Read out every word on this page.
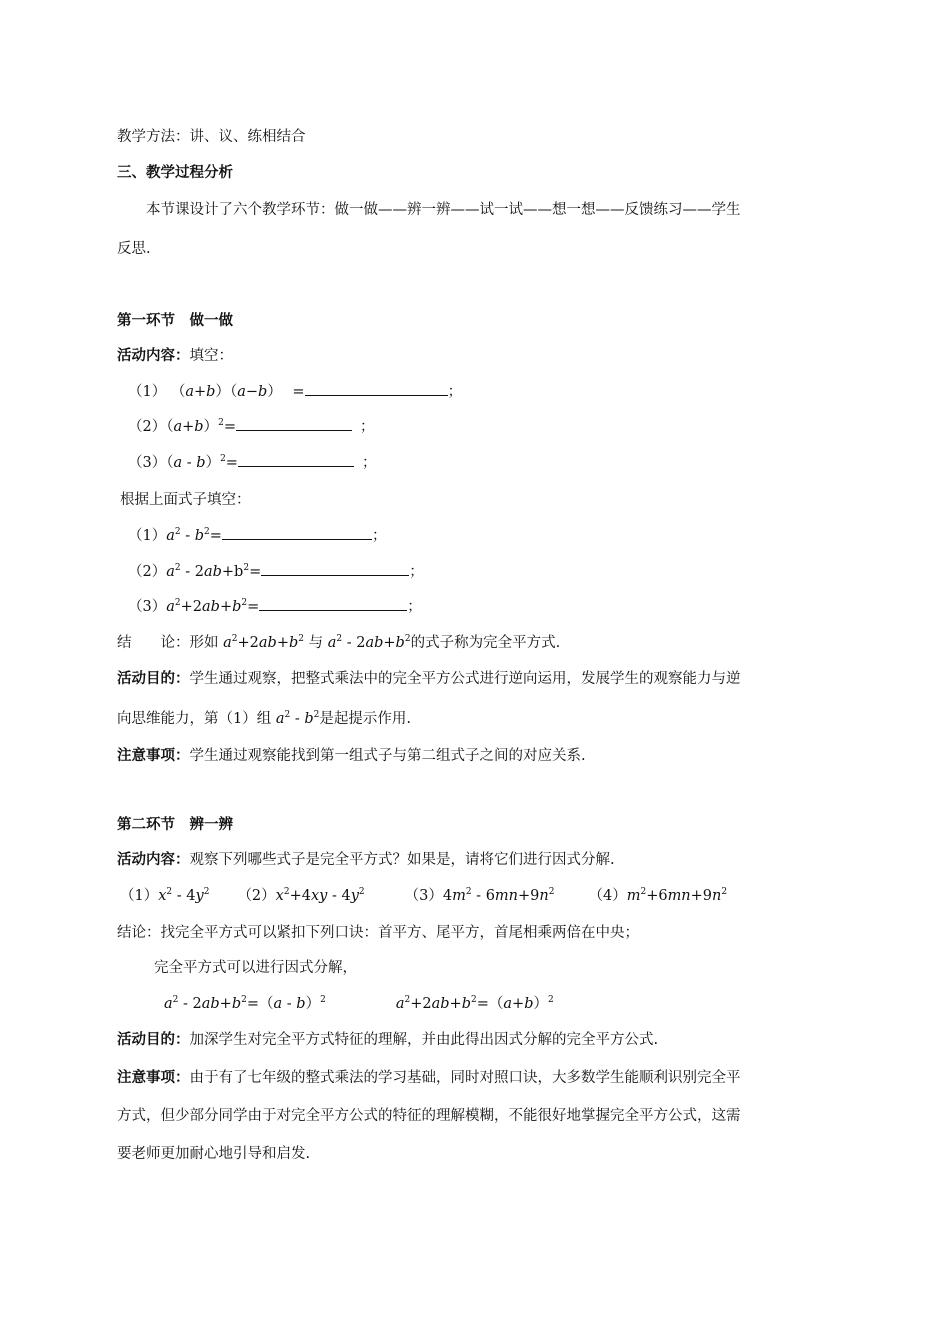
教学方法：讲、议、练相结合
三、教学过程分析
本节课设计了六个教学环节：做一做——辨一辨——试一试——想一想——反馈练习——学生
反思.
第一环节　做一做
活动内容：填空：
（1） （a+b）（a−b） =	；
$(2)(a+b)^2=$	；
（3）（a - b）$^2$=	；
根据上面式子填空：
$(1)a^2 - b^2=$	；
$(2)a^2 - 2ab+b^2=$	；
$(3)a^2+2ab+b^2=$	；
结　　论：形如 $a^2+2ab+b^2$ 与 $a^2 - 2ab+b^2$的式子称为完全平方式.
活动目的：学生通过观察，把整式乘法中的完全平方公式进行逆向运用，发展学生的观察能力与逆
向思维能力，第（1）组 $a^2 - b^2$是起提示作用.
注意事项：学生通过观察能找到第一组式子与第二组式子之间的对应关系.
第二环节　辨一辨
活动内容：观察下列哪些式子是完全平方式？如果是，请将它们进行因式分解.
$(1)x^2 - 4y^2$ $(2)x^2+4xy - 4y^2$	$(3)4m^2 - 6mn+9n^2$ $(4)m^2+6mn+9n^2$
结论：找完全平方式可以紧扣下列口诀：首平方、尾平方，首尾相乘两倍在中央；
完全平方式可以进行因式分解，
$a^2 - 2ab+b^2=(a - b)^2$	$a^2+2ab+b^2=(a+b)^2$
活动目的：加深学生对完全平方式特征的理解，并由此得出因式分解的完全平方公式.
注意事项：由于有了七年级的整式乘法的学习基础，同时对照口诀，大多数学生能顺利识别完全平
方式，但少部分同学由于对完全平方公式的特征的理解模糊，不能很好地掌握完全平方公式，这需
要老师更加耐心地引导和启发.
